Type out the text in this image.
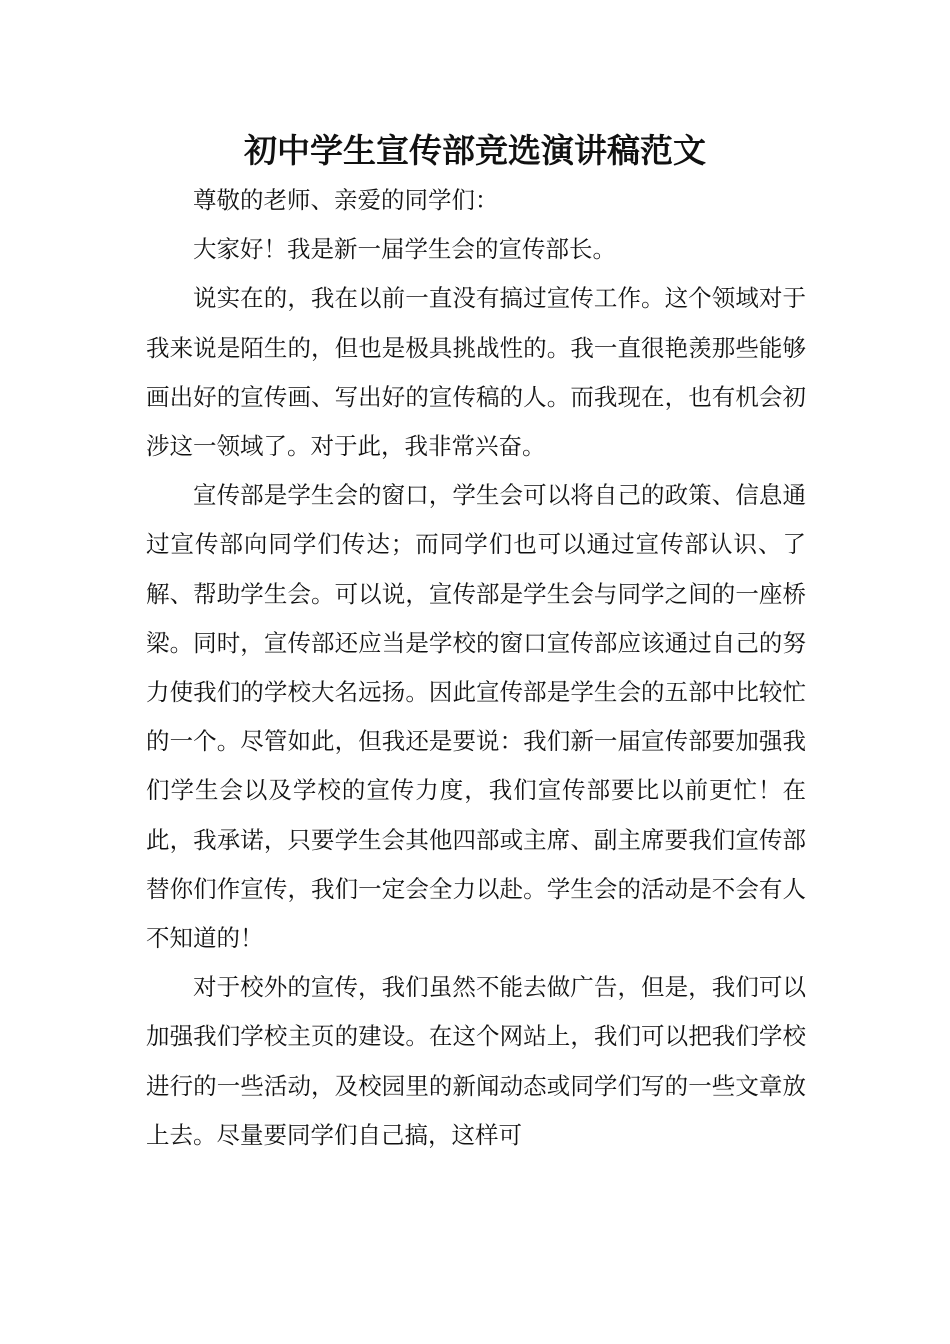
初中学生宣传部竞选演讲稿范文

尊敬的老师、亲爱的同学们：

大家好！我是新一届学生会的宣传部长。

说实在的，我在以前一直没有搞过宣传工作。这个领域对于我来说是陌生的，但也是极具挑战性的。我一直很艳羡那些能够画出好的宣传画、写出好的宣传稿的人。而我现在，也有机会初涉这一领域了。对于此，我非常兴奋。

宣传部是学生会的窗口，学生会可以将自己的政策、信息通过宣传部向同学们传达；而同学们也可以通过宣传部认识、了解、帮助学生会。可以说，宣传部是学生会与同学之间的一座桥梁。同时，宣传部还应当是学校的窗口宣传部应该通过自己的努力使我们的学校大名远扬。因此宣传部是学生会的五部中比较忙的一个。尽管如此，但我还是要说：我们新一届宣传部要加强我们学生会以及学校的宣传力度，我们宣传部要比以前更忙！在此，我承诺，只要学生会其他四部或主席、副主席要我们宣传部替你们作宣传，我们一定会全力以赴。学生会的活动是不会有人不知道的！

对于校外的宣传，我们虽然不能去做广告，但是，我们可以加强我们学校主页的建设。在这个网站上，我们可以把我们学校进行的一些活动，及校园里的新闻动态或同学们写的一些文章放上去。尽量要同学们自己搞，这样可
